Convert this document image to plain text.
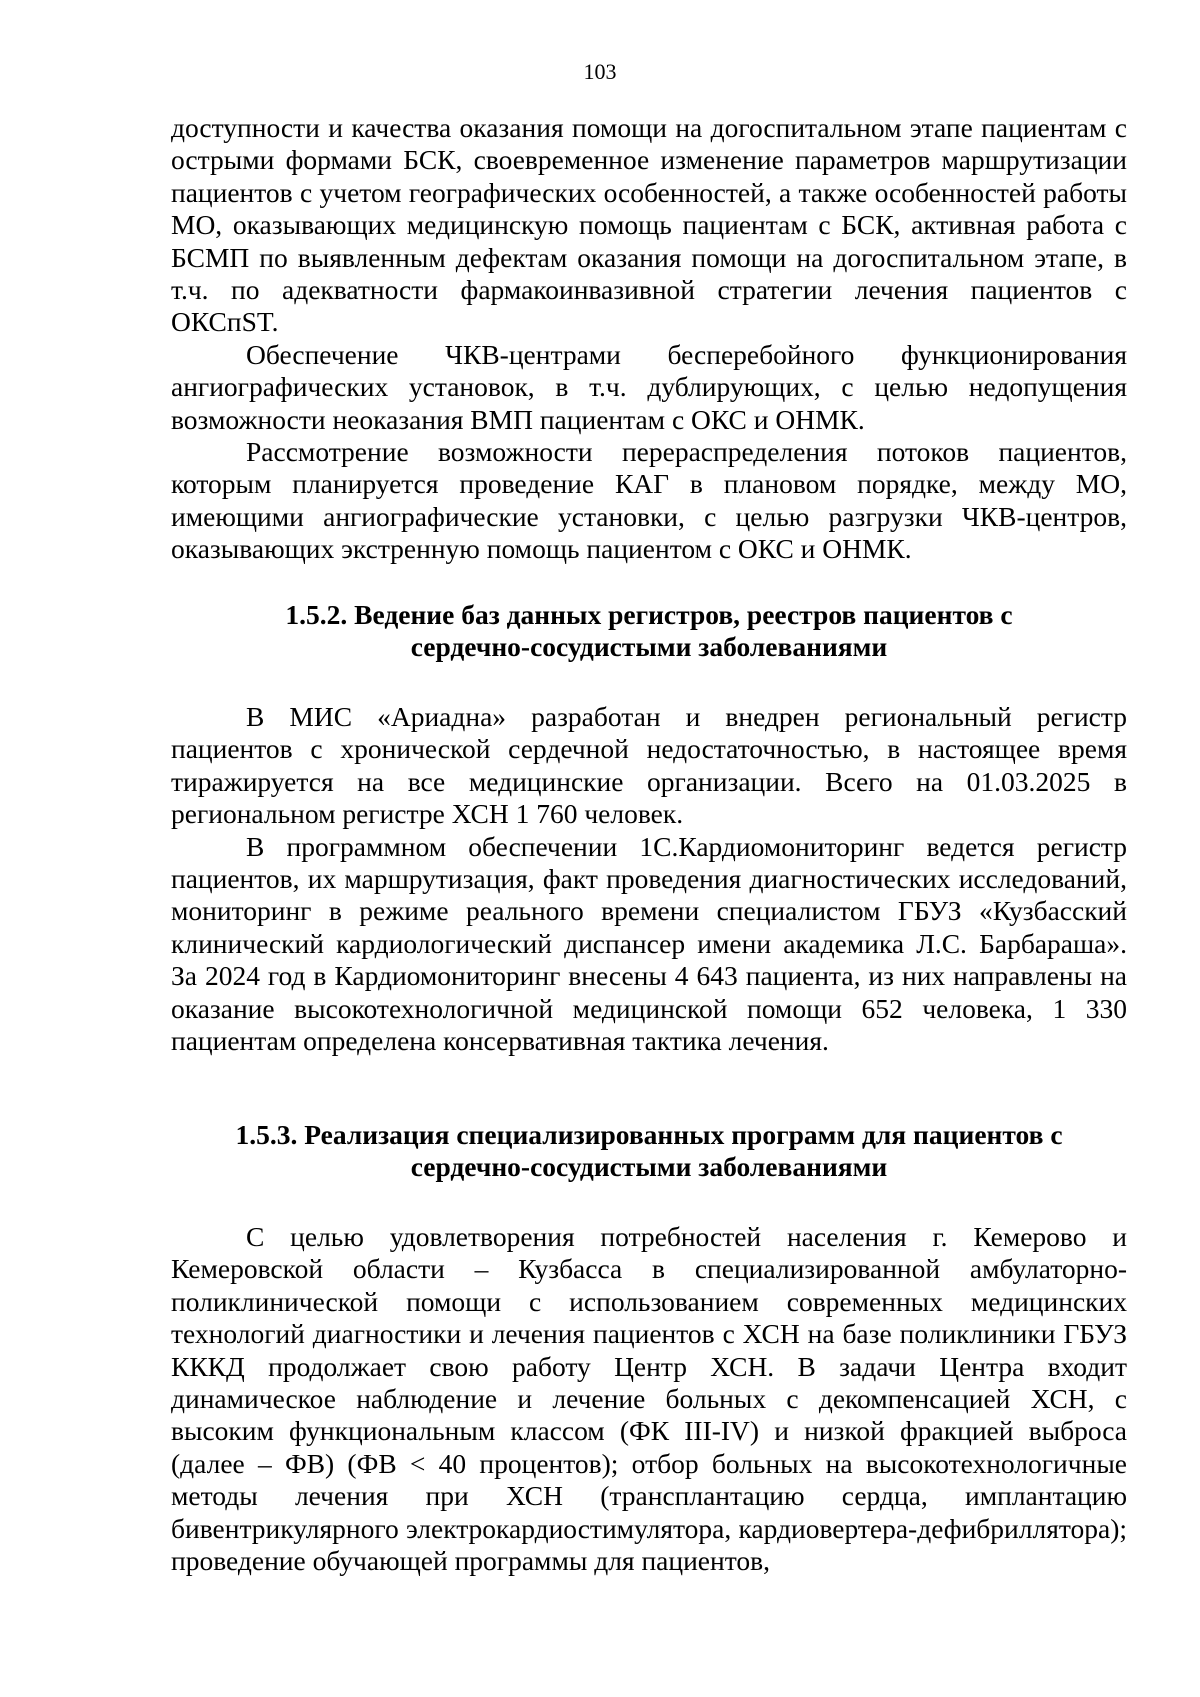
103

доступности и качества оказания помощи на догоспитальном этапе пациентам с острыми формами БСК, своевременное изменение параметров маршрутизации пациентов с учетом географических особенностей, а также особенностей работы МО, оказывающих медицинскую помощь пациентам с БСК, активная работа с БСМП по выявленным дефектам оказания помощи на догоспитальном этапе, в т.ч. по адекватности фармакоинвазивной стратегии лечения пациентов с ОКСпST.

Обеспечение ЧКВ-центрами бесперебойного функционирования ангиографических установок, в т.ч. дублирующих, с целью недопущения возможности неоказания ВМП пациентам с ОКС и ОНМК.

Рассмотрение возможности перераспределения потоков пациентов, которым планируется проведение КАГ в плановом порядке, между МО, имеющими ангиографические установки, с целью разгрузки ЧКВ-центров, оказывающих экстренную помощь пациентом с ОКС и ОНМК.

1.5.2. Ведение баз данных регистров, реестров пациентов с
сердечно-сосудистыми заболеваниями

В МИС «Ариадна» разработан и внедрен региональный регистр пациентов с хронической сердечной недостаточностью, в настоящее время тиражируется на все медицинские организации. Всего на 01.03.2025 в региональном регистре ХСН 1 760 человек.

В программном обеспечении 1С.Кардиомониторинг ведется регистр пациентов, их маршрутизация, факт проведения диагностических исследований, мониторинг в режиме реального времени специалистом ГБУЗ «Кузбасский клинический кардиологический диспансер имени академика Л.С. Барбараша». За 2024 год в Кардиомониторинг внесены 4 643 пациента, из них направлены на оказание высокотехнологичной медицинской помощи 652 человека, 1 330 пациентам определена консервативная тактика лечения.

1.5.3. Реализация специализированных программ для пациентов с
сердечно-сосудистыми заболеваниями

С целью удовлетворения потребностей населения г. Кемерово и Кемеровской области – Кузбасса в специализированной амбулаторно-поликлинической помощи с использованием современных медицинских технологий диагностики и лечения пациентов с ХСН на базе поликлиники ГБУЗ КККД продолжает свою работу Центр ХСН. В задачи Центра входит динамическое наблюдение и лечение больных с декомпенсацией ХСН, с высоким функциональным классом (ФК III-IV) и низкой фракцией выброса (далее – ФВ) (ФВ < 40 процентов); отбор больных на высокотехнологичные методы лечения при ХСН (трансплантацию сердца, имплантацию бивентрикулярного электрокардиостимулятора, кардиовертера-дефибриллятора); проведение обучающей программы для пациентов,
